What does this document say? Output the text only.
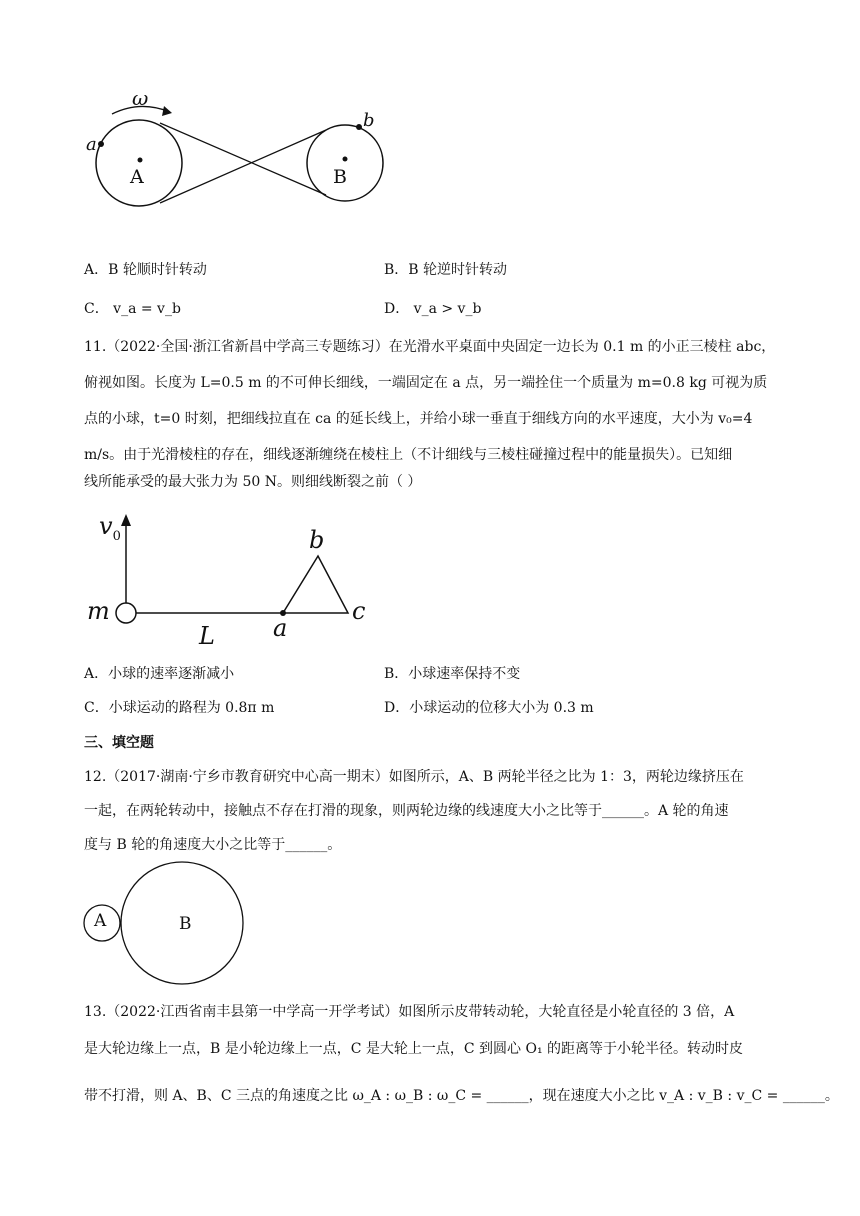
ω
a
b
A	B
A．B 轮顺时针转动	B．B 轮逆时针转动
C． v_a = v_b	D． v_a > v_b
11.（2022·全国·浙江省新昌中学高三专题练习）在光滑水平桌面中央固定一边长为 0.1 m 的小正三棱柱 abc，
俯视如图。长度为 L=0.5 m 的不可伸长细线，一端固定在 a 点，另一端拴住一个质量为 m=0.8 kg 可视为质
点的小球，t=0 时刻，把细线拉直在 ca 的延长线上，并给小球一垂直于细线方向的水平速度，大小为 v₀=4
m/s。由于光滑棱柱的存在，细线逐渐缠绕在棱柱上（不计细线与三棱柱碰撞过程中的能量损失）。已知细
线所能承受的最大张力为 50 N。则细线断裂之前（ ）
$v_0$
m
L a
b
c
A．小球的速率逐渐减小	B．小球速率保持不变
C．小球运动的路程为 0.8π m	D．小球运动的位移大小为 0.3 m
三、填空题
12.（2017·湖南·宁乡市教育研究中心高一期末）如图所示，A、B 两轮半径之比为 1：3，两轮边缘挤压在
一起，在两轮转动中，接触点不存在打滑的现象，则两轮边缘的线速度大小之比等于______。A 轮的角速
度与 B 轮的角速度大小之比等于______。
A	B
13.（2022·江西省南丰县第一中学高一开学考试）如图所示皮带转动轮，大轮直径是小轮直径的 3 倍，A
是大轮边缘上一点，B 是小轮边缘上一点，C 是大轮上一点，C 到圆心 O₁ 的距离等于小轮半径。转动时皮
带不打滑，则 A、B、C 三点的角速度之比 ω_A : ω_B : ω_C = ______，现在速度大小之比 v_A : v_B : v_C = ______。
